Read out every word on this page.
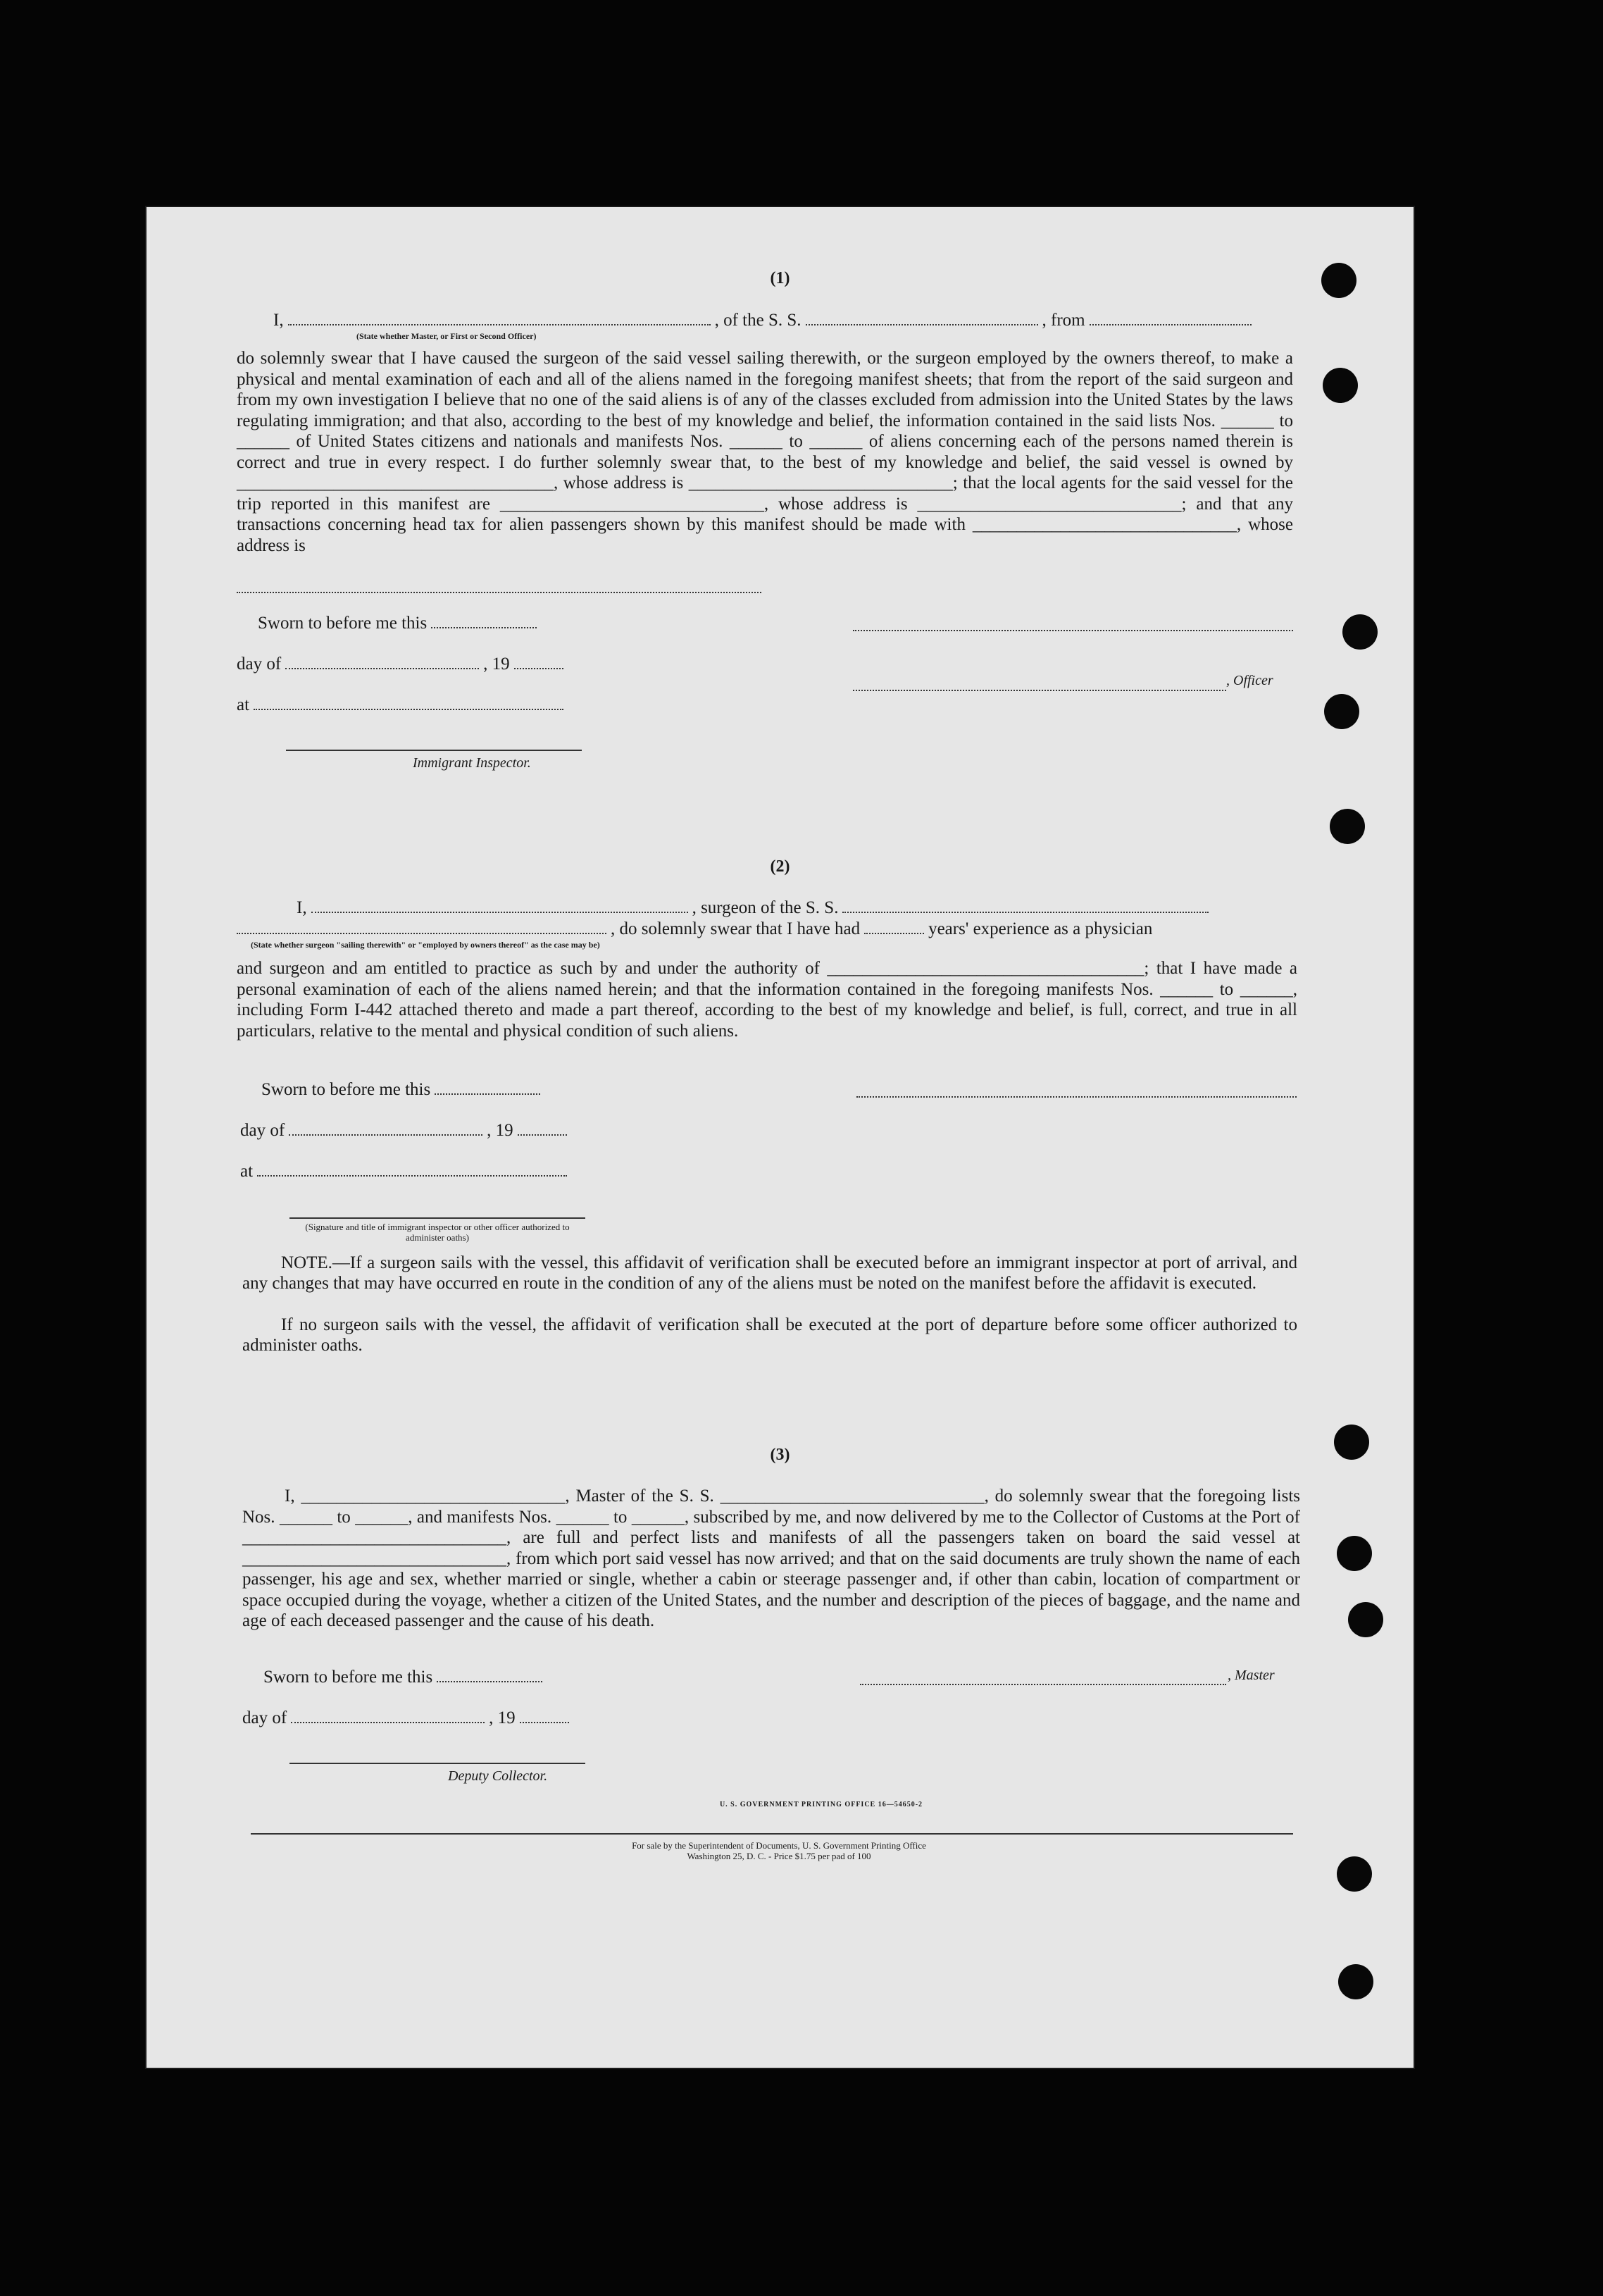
(1)
I,	, of the S. S.	, from
(State whether Master, or First or Second Officer)
do solemnly swear that I have caused the surgeon of the said vessel sailing therewith, or the surgeon employed by the owners thereof, to make a physical and mental examination of each and all of the aliens named in the foregoing manifest sheets; that from the report of the said surgeon and from my own investigation I believe that no one of the said aliens is of any of the classes excluded from admission into the United States by the laws regulating immigration; and that also, according to the best of my knowledge and belief, the information contained in the said lists Nos. ______ to ______ of United States citizens and nationals and manifests Nos. ______ to ______ of aliens concerning each of the persons named therein is correct and true in every respect. I do further solemnly swear that, to the best of my knowledge and belief, the said vessel is owned by ____________________________________, whose address is ______________________________; that the local agents for the said vessel for the trip reported in this manifest are ______________________________, whose address is ______________________________; and that any transactions concerning head tax for alien passengers shown by this manifest should be made with ______________________________, whose address is
Sworn to before me this
day of	, 19
at
Immigrant Inspector.
, Officer
(2)
I,	, surgeon of the S. S.
, do solemnly swear that I have had	years' experience as a physician
(State whether surgeon "sailing therewith" or "employed by owners thereof" as the case may be)
and surgeon and am entitled to practice as such by and under the authority of ____________________________________; that I have made a personal examination of each of the aliens named herein; and that the information contained in the foregoing manifests Nos. ______ to ______, including Form I-442 attached thereto and made a part thereof, according to the best of my knowledge and belief, is full, correct, and true in all particulars, relative to the mental and physical condition of such aliens.
Sworn to before me this
day of	, 19
at
(Signature and title of immigrant inspector or other officer authorized to administer oaths)
NOTE.—If a surgeon sails with the vessel, this affidavit of verification shall be executed before an immigrant inspector at port of arrival, and any changes that may have occurred en route in the condition of any of the aliens must be noted on the manifest before the affidavit is executed.
If no surgeon sails with the vessel, the affidavit of verification shall be executed at the port of departure before some officer authorized to administer oaths.
(3)
I, ______________________________, Master of the S. S. ______________________________, do solemnly swear that the foregoing lists Nos. ______ to ______, and manifests Nos. ______ to ______, subscribed by me, and now delivered by me to the Collector of Customs at the Port of ______________________________, are full and perfect lists and manifests of all the passengers taken on board the said vessel at ______________________________, from which port said vessel has now arrived; and that on the said documents are truly shown the name of each passenger, his age and sex, whether married or single, whether a cabin or steerage passenger and, if other than cabin, location of compartment or space occupied during the voyage, whether a citizen of the United States, and the number and description of the pieces of baggage, and the name and age of each deceased passenger and the cause of his death.
Sworn to before me this
day of	, 19
, Master
Deputy Collector.
U. S. GOVERNMENT PRINTING OFFICE 16—54650-2
For sale by the Superintendent of Documents, U. S. Government Printing Office
Washington 25, D. C. - Price $1.75 per pad of 100
